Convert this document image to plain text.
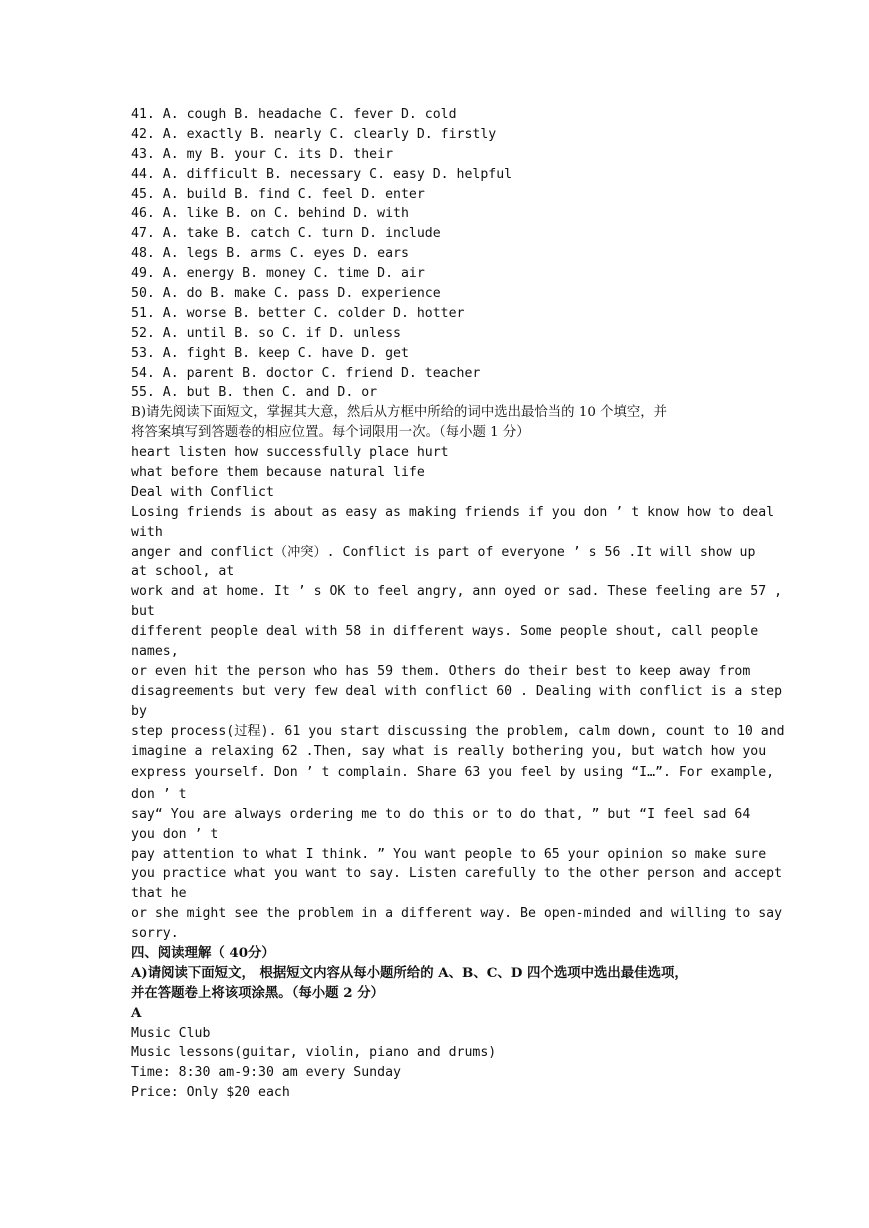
41. A. cough B. headache C. fever D. cold
42. A. exactly B. nearly C. clearly D. firstly
43. A. my B. your C. its D. their
44. A. difficult B. necessary C. easy D. helpful
45. A. build B. find C. feel D. enter
46. A. like B. on C. behind D. with
47. A. take B. catch C. turn D. include
48. A. legs B. arms C. eyes D. ears
49. A. energy B. money C. time D. air
50. A. do B. make C. pass D. experience
51. A. worse B. better C. colder D. hotter
52. A. until B. so C. if D. unless
53. A. fight B. keep C. have D. get
54. A. parent B. doctor C. friend D. teacher
55. A. but B. then C. and D. or
B)请先阅读下面短文，掌握其大意，然后从方框中所给的词中选出最恰当的 10 个填空，并
将答案填写到答题卷的相应位置。每个词限用一次。（每小题 1 分）
heart listen how successfully place hurt
what before them because natural life
Deal with Conflict
Losing friends is about as easy as making friends if you don ’ t know how to deal
with
anger and conflict（冲突）. Conflict is part of everyone ’ s 56 .It will show up
at school, at
work and at home. It ’ s OK to feel angry, ann oyed or sad. These feeling are 57 ,
but
different people deal with 58 in different ways. Some people shout, call people
names,
or even hit the person who has 59 them. Others do their best to keep away from
disagreements but very few deal with conflict 60 . Dealing with conflict is a step
by
step process(过程). 61 you start discussing the problem, calm down, count to 10 and
imagine a relaxing 62 .Then, say what is really bothering you, but watch how you
express yourself. Don ’ t complain. Share 63 you feel by using “I…”. For example,
don ’ t
say“ You are always ordering me to do this or to do that, ” but “I feel sad 64
you don ’ t
pay attention to what I think. ” You want people to 65 your opinion so make sure
you practice what you want to say. Listen carefully to the other person and accept
that he
or she might see the problem in a different way. Be open-minded and willing to say
sorry.
四、阅读理解（ 40分）
A)请阅读下面短文， 根据短文内容从每小题所给的 A、B、C、D 四个选项中选出最佳选项，
并在答题卷上将该项涂黑。（每小题 2 分）
A
Music Club
Music lessons(guitar, violin, piano and drums)
Time: 8:30 am-9:30 am every Sunday
Price: Only $20 each
